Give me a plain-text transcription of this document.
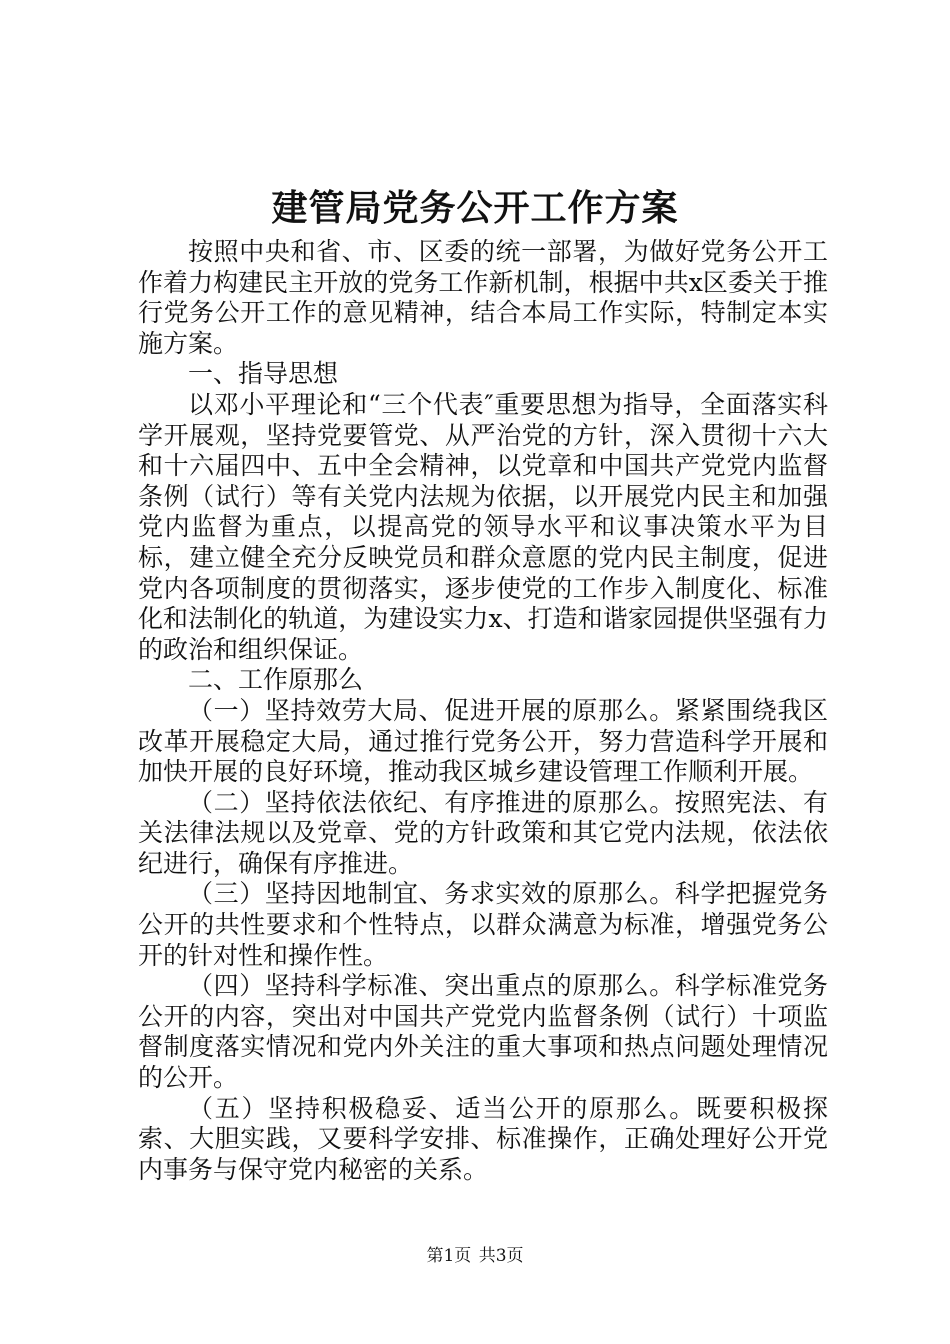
建管局党务公开工作方案

按照中央和省、市、区委的统一部署，为做好党务公开工作着力构建民主开放的党务工作新机制，根据中共x区委关于推行党务公开工作的意见精神，结合本局工作实际，特制定本实施方案。

一、指导思想

以邓小平理论和“三个代表″重要思想为指导，全面落实科学开展观，坚持党要管党、从严治党的方针，深入贯彻十六大和十六届四中、五中全会精神，以党章和中国共产党党内监督条例（试行）等有关党内法规为依据，以开展党内民主和加强党内监督为重点，以提高党的领导水平和议事决策水平为目标，建立健全充分反映党员和群众意愿的党内民主制度，促进党内各项制度的贯彻落实，逐步使党的工作步入制度化、标准化和法制化的轨道，为建设实力x、打造和谐家园提供坚强有力的政治和组织保证。

二、工作原那么

（一）坚持效劳大局、促进开展的原那么。紧紧围绕我区改革开展稳定大局，通过推行党务公开，努力营造科学开展和加快开展的良好环境，推动我区城乡建设管理工作顺利开展。

（二）坚持依法依纪、有序推进的原那么。按照宪法、有关法律法规以及党章、党的方针政策和其它党内法规，依法依纪进行，确保有序推进。

（三）坚持因地制宜、务求实效的原那么。科学把握党务公开的共性要求和个性特点，以群众满意为标准，增强党务公开的针对性和操作性。

（四）坚持科学标准、突出重点的原那么。科学标准党务公开的内容，突出对中国共产党党内监督条例（试行）十项监督制度落实情况和党内外关注的重大事项和热点问题处理情况的公开。

（五）坚持积极稳妥、适当公开的原那么。既要积极探索、大胆实践，又要科学安排、标准操作，正确处理好公开党内事务与保守党内秘密的关系。

第1页 共3页
